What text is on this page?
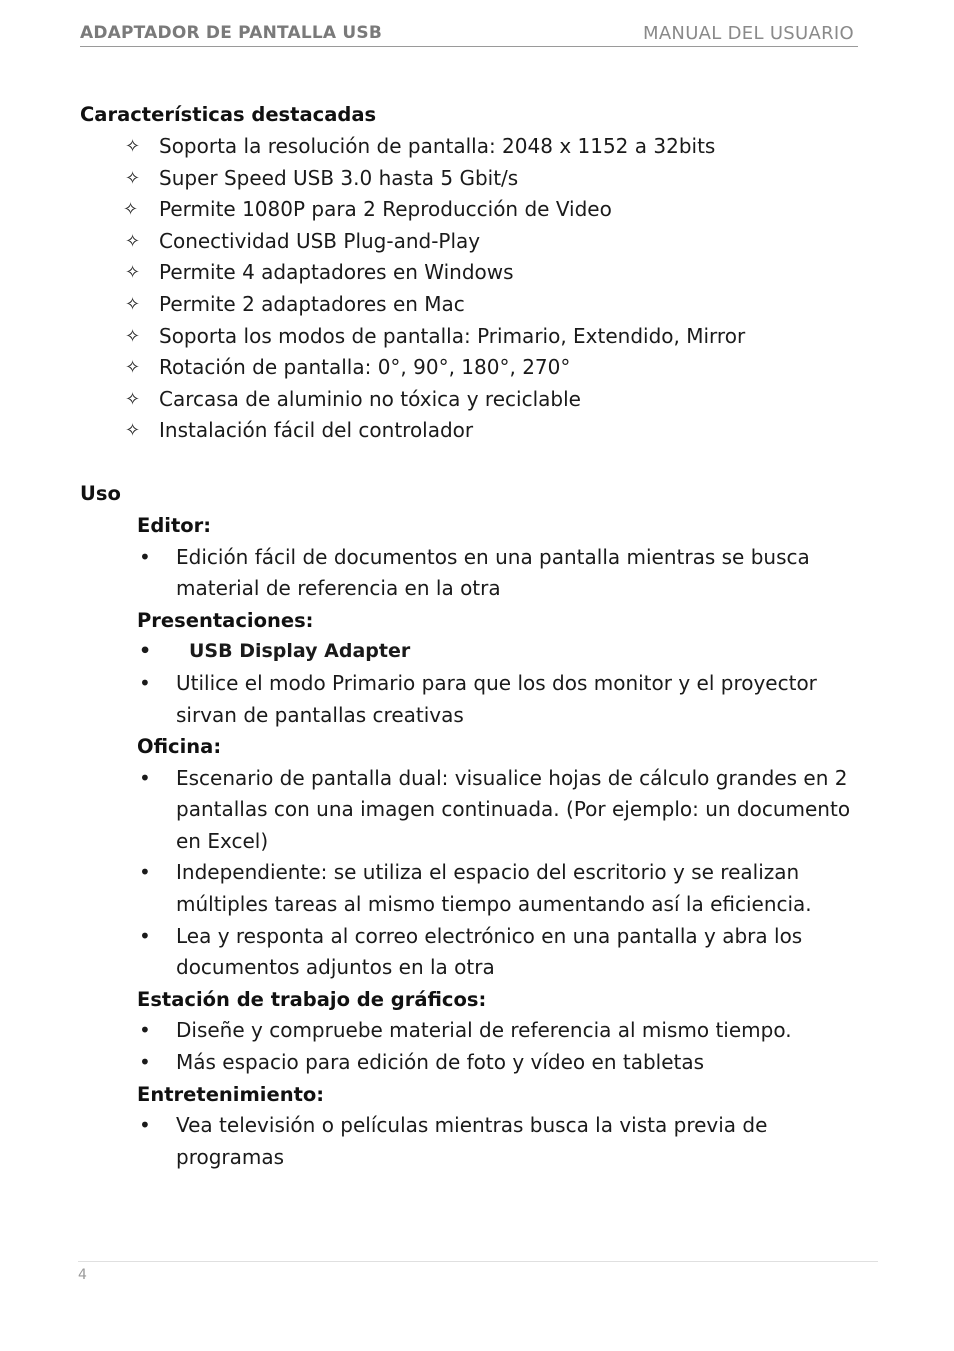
ADAPTADOR DE PANTALLA USB	MANUAL DEL USUARIO
Características destacadas
✧ Soporta la resolución de pantalla: 2048 x 1152 a 32bits
✧ Super Speed USB 3.0 hasta 5 Gbit/s
✧ Permite 1080P para 2 Reproducción de Video
✧ Conectividad USB Plug-and-Play
✧ Permite 4 adaptadores en Windows
✧ Permite 2 adaptadores en Mac
✧ Soporta los modos de pantalla: Primario, Extendido, Mirror
✧ Rotación de pantalla: 0°, 90°, 180°, 270°
✧ Carcasa de aluminio no tóxica y reciclable
✧ Instalación fácil del controlador
Uso
Editor:
• Edición fácil de documentos en una pantalla mientras se busca material de referencia en la otra
Presentaciones:
• USB Display Adapter
• Utilice el modo Primario para que los dos monitor y el proyector sirvan de pantallas creativas
Oficina:
• Escenario de pantalla dual: visualice hojas de cálculo grandes en 2 pantallas con una imagen continuada. (Por ejemplo: un documento en Excel)
• Independiente: se utiliza el espacio del escritorio y se realizan múltiples tareas al mismo tiempo aumentando así la eficiencia.
• Lea y responta al correo electrónico en una pantalla y abra los documentos adjuntos en la otra
Estación de trabajo de gráficos:
• Diseñe y compruebe material de referencia al mismo tiempo.
• Más espacio para edición de foto y vídeo en tabletas
Entretenimiento:
• Vea televisión o películas mientras busca la vista previa de programas
4
